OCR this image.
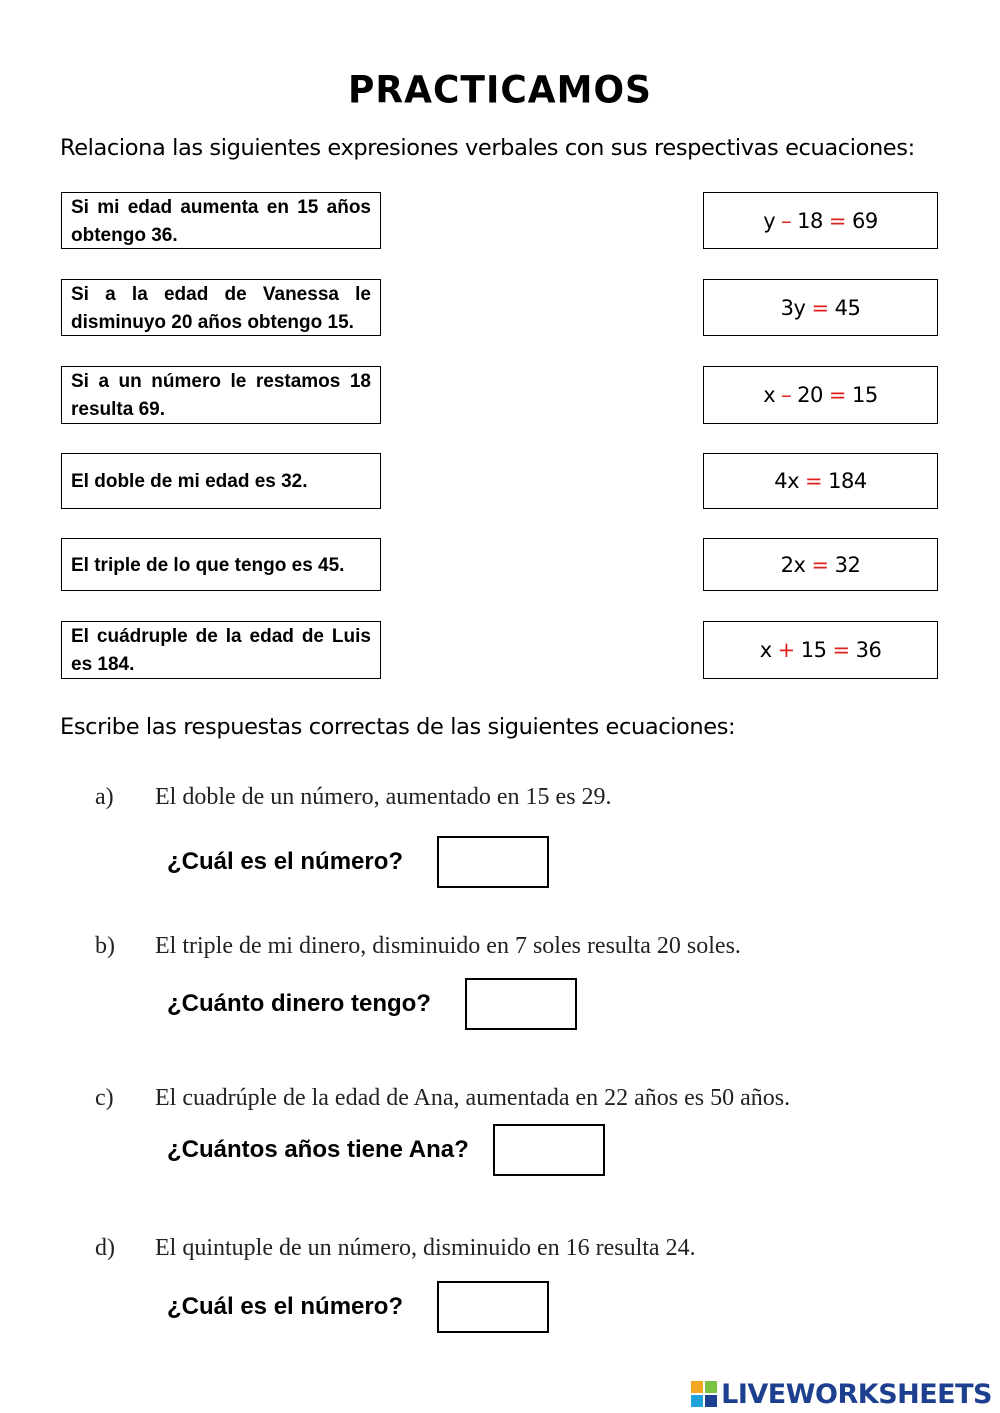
PRACTICAMOS
Relaciona las siguientes expresiones verbales con sus respectivas ecuaciones:
Si mi edad aumenta en 15 años obtengo 36.
Si a la edad de Vanessa le disminuyo 20 años obtengo 15.
Si a un número le restamos 18 resulta 69.
El doble de mi edad es 32.
El triple de lo que tengo es 45.
El cuádruple de la edad de Luis es 184.
y – 18 = 69
3y = 45
x – 20 = 15
4x = 184
2x = 32
x + 15 = 36
Escribe las respuestas correctas de las siguientes ecuaciones:
a) El doble de un número, aumentado en 15 es 29.
¿Cuál es el número?
b) El triple de mi dinero, disminuido en 7 soles resulta 20 soles.
¿Cuánto dinero tengo?
c) El cuadrúple de la edad de Ana, aumentada en 22 años es 50 años.
¿Cuántos años tiene Ana?
d) El quintuple de un número, disminuido en 16 resulta 24.
¿Cuál es el número?
LIVEWORKSHEETS
